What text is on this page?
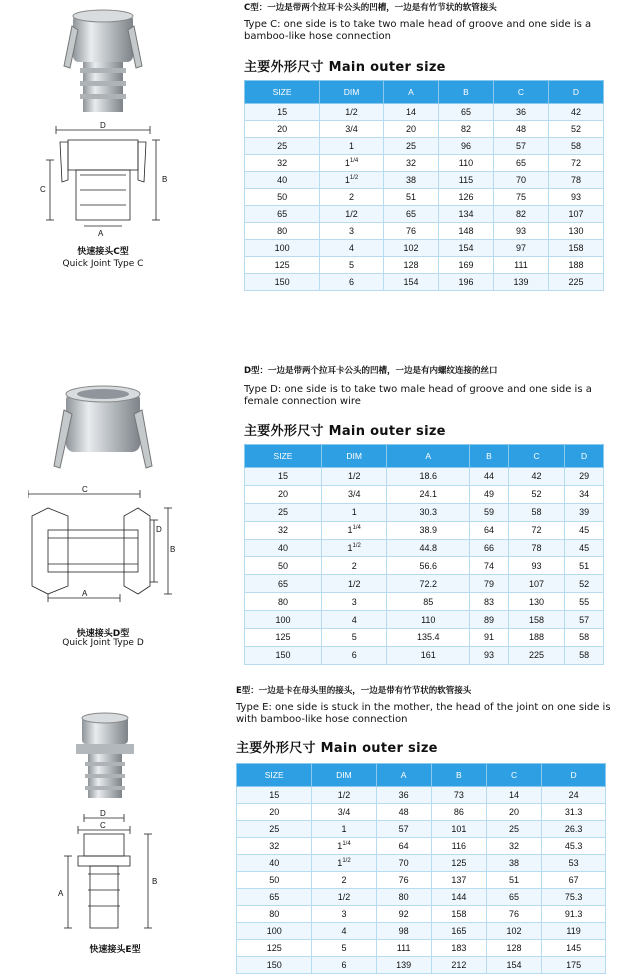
C型：一边是带两个拉耳卡公头的凹槽，一边是有竹节状的软管接头
Type C: one side is to take two male head of groove and one side is a bamboo-like hose connection
主要外形尺寸 Main outer size
D
B
C
A
快速接头C型
Quick Joint Type C
SIZE	DIM	A	B	C	D
15	1/2	14	65	36	42
20	3/4	20	82	48	52
25	1	25	96	57	58
32	$1^{1/4}$	32	110	65	72
40	$1^{1/2}$	38	115	70	78
50	2	51	126	75	93
65	1/2	65	134	82	107
80	3	76	148	93	130
100	4	102	154	97	158
125	5	128	169	111	188
150	6	154	196	139	225
D型：一边是带两个拉耳卡公头的凹槽，一边是有内螺纹连接的丝口
Type D: one side is to take two male head of groove and one side is a female connection wire
主要外形尺寸 Main outer size
C
D
B
A
快速接头D型
Quick Joint Type D
SIZE	DIM	A	B	C	D
15	1/2	18.6	44	42	29
20	3/4	24.1	49	52	34
25	1	30.3	59	58	39
32	$1^{1/4}$	38.9	64	72	45
40	$1^{1/2}$	44.8	66	78	45
50	2	56.6	74	93	51
65	1/2	72.2	79	107	52
80	3	85	83	130	55
100	4	110	89	158	57
125	5	135.4	91	188	58
150	6	161	93	225	58
E型：一边是卡在母头里的接头，一边是带有竹节状的软管接头
Type E: one side is stuck in the mother, the head of the joint on one side is with bamboo-like hose connection
主要外形尺寸 Main outer size
D
C
B
A
快速接头E型
SIZE	DIM	A	B	C	D
15	1/2	36	73	14	24
20	3/4	48	86	20	31.3
25	1	57	101	25	26.3
32	$1^{1/4}$	64	116	32	45.3
40	$1^{1/2}$	70	125	38	53
50	2	76	137	51	67
65	1/2	80	144	65	75.3
80	3	92	158	76	91.3
100	4	98	165	102	119
125	5	111	183	128	145
150	6	139	212	154	175
